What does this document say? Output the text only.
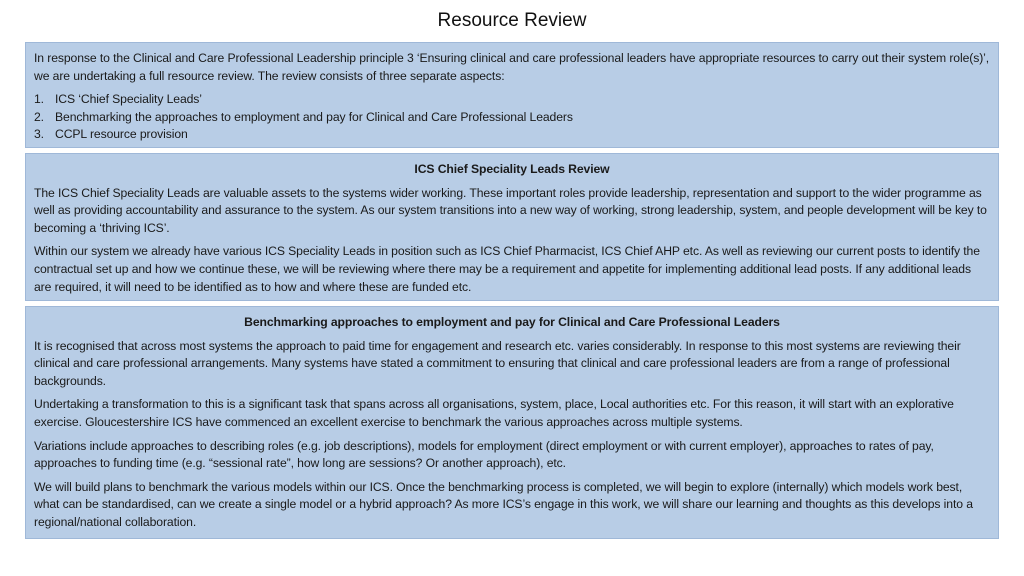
Resource Review

In response to the Clinical and Care Professional Leadership principle 3 ‘Ensuring clinical and care professional leaders have appropriate resources to carry out their system role(s)’, we are undertaking a full resource review. The review consists of three separate aspects:

1. ICS ‘Chief Speciality Leads’
2. Benchmarking the approaches to employment and pay for Clinical and Care Professional Leaders
3. CCPL resource provision

ICS Chief Speciality Leads Review

The ICS Chief Speciality Leads are valuable assets to the systems wider working. These important roles provide leadership, representation and support to the wider programme as well as providing accountability and assurance to the system. As our system transitions into a new way of working, strong leadership, system, and people development will be key to becoming a ‘thriving ICS’.

Within our system we already have various ICS Speciality Leads in position such as ICS Chief Pharmacist, ICS Chief AHP etc. As well as reviewing our current posts to identify the contractual set up and how we continue these, we will be reviewing where there may be a requirement and appetite for implementing additional lead posts. If any additional leads are required, it will need to be identified as to how and where these are funded etc.

Benchmarking approaches to employment and pay for Clinical and Care Professional Leaders

It is recognised that across most systems the approach to paid time for engagement and research etc. varies considerably. In response to this most systems are reviewing their clinical and care professional arrangements. Many systems have stated a commitment to ensuring that clinical and care professional leaders are from a range of professional backgrounds.

Undertaking a transformation to this is a significant task that spans across all organisations, system, place, Local authorities etc. For this reason, it will start with an explorative exercise. Gloucestershire ICS have commenced an excellent exercise to benchmark the various approaches across multiple systems.

Variations include approaches to describing roles (e.g. job descriptions), models for employment (direct employment or with current employer), approaches to rates of pay, approaches to funding time (e.g. “sessional rate”, how long are sessions? Or another approach), etc.

We will build plans to benchmark the various models within our ICS. Once the benchmarking process is completed, we will begin to explore (internally) which models work best, what can be standardised, can we create a single model or a hybrid approach? As more ICS’s engage in this work, we will share our learning and thoughts as this develops into a regional/national collaboration.
